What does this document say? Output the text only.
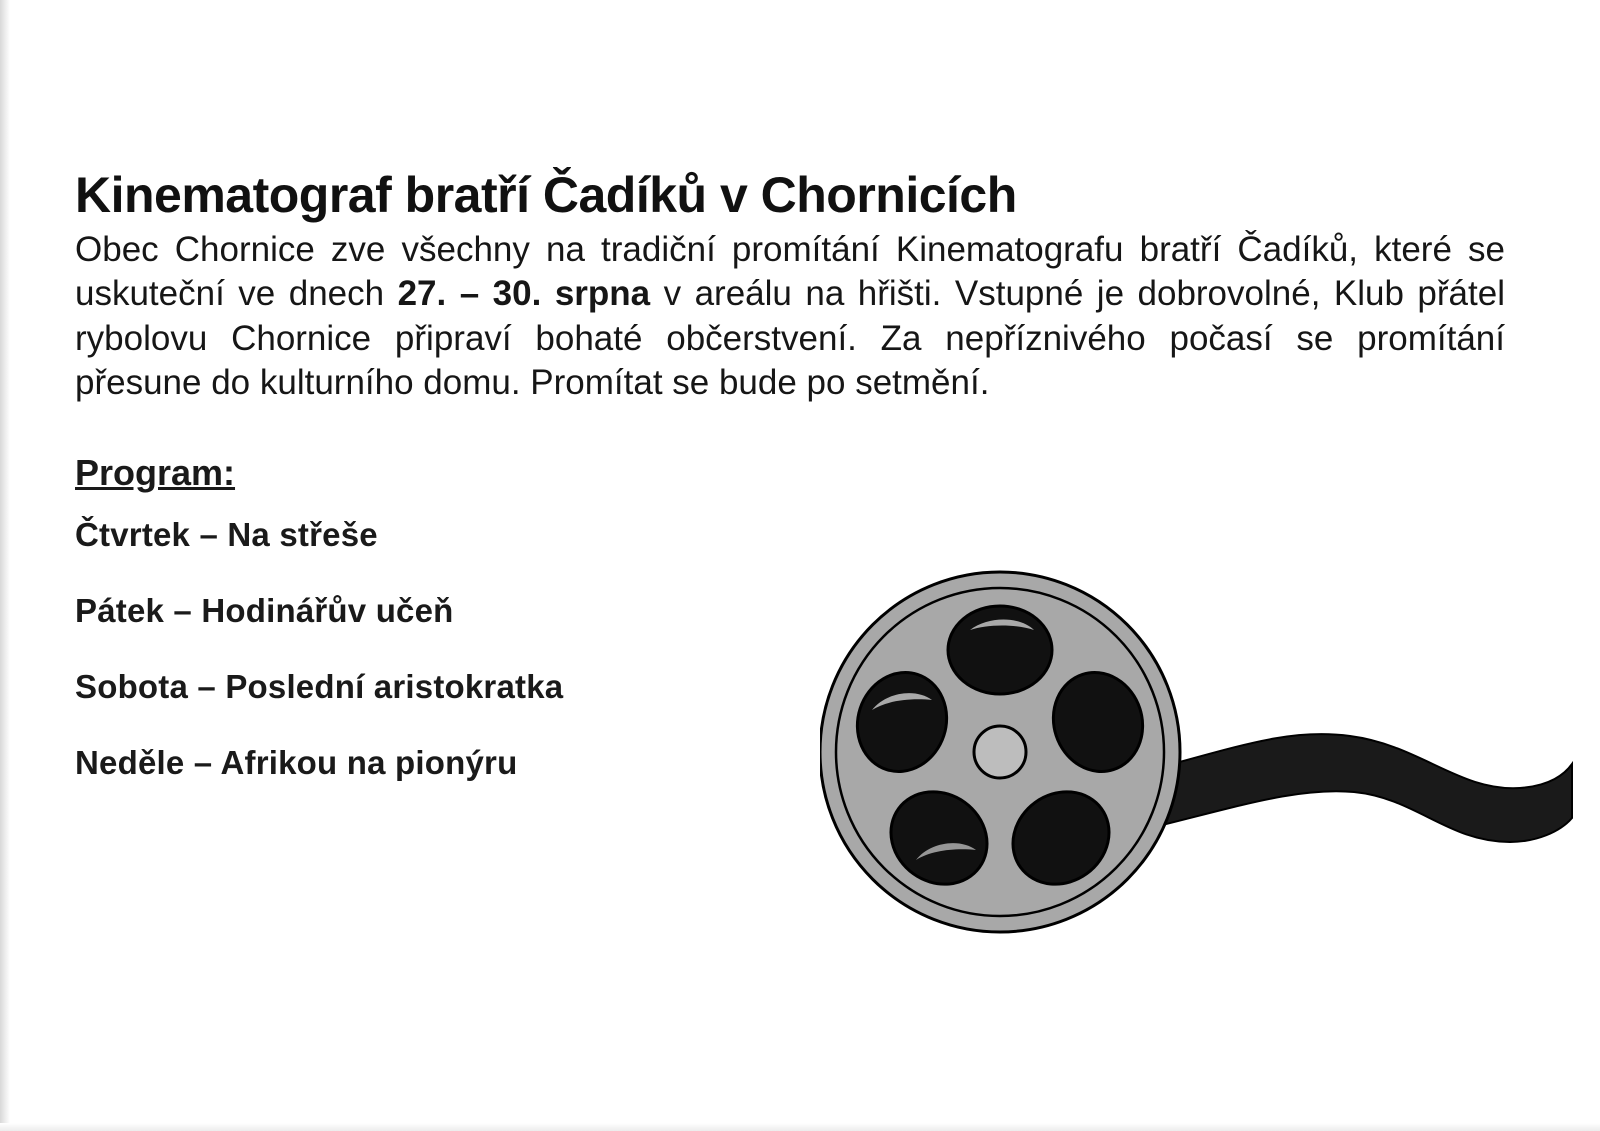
Kinematograf bratří Čadíků v Chornicích

Obec Chornice zve všechny na tradiční promítání Kinematografu bratří Čadíků, které se uskuteční ve dnech 27. – 30. srpna v areálu na hřišti. Vstupné je dobrovolné, Klub přátel rybolovu Chornice připraví bohaté občerstvení. Za nepříznivého počasí se promítání přesune do kulturního domu. Promítat se bude po setmění.

Program:
Čtvrtek – Na střeše
Pátek – Hodinářův učeň
Sobota – Poslední aristokratka
Neděle – Afrikou na pionýru
